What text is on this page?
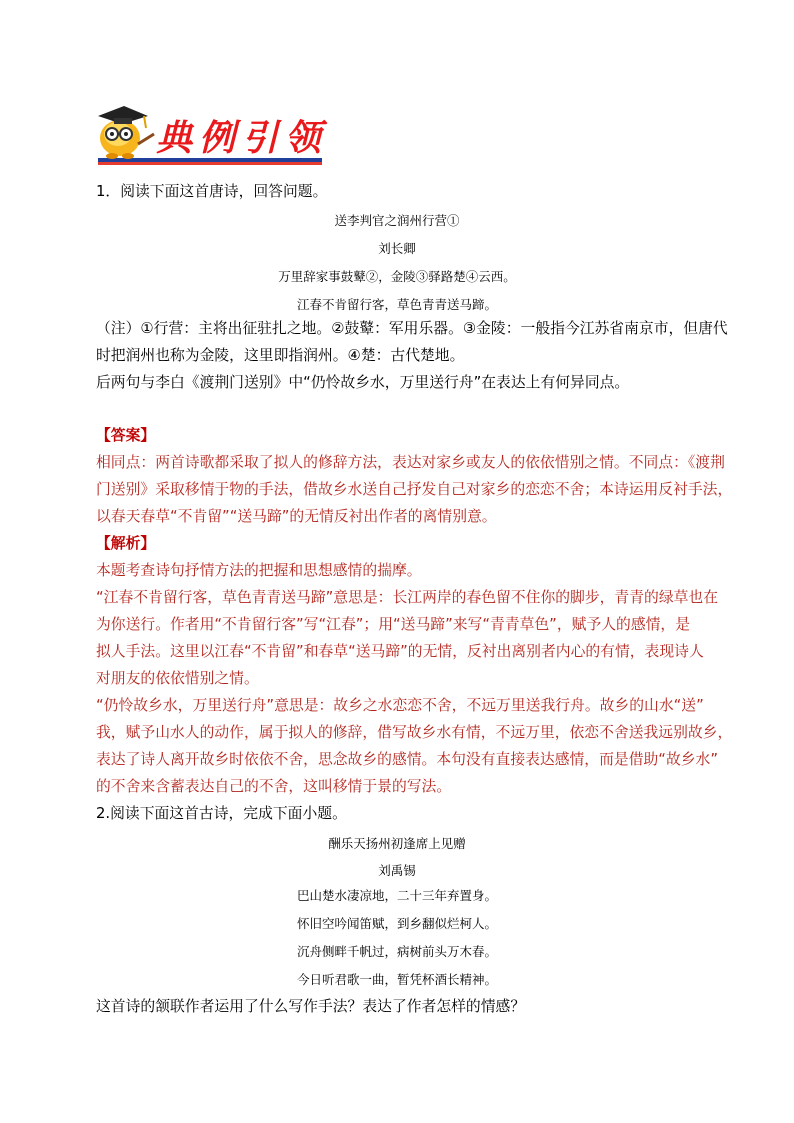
典例引领
1．阅读下面这首唐诗，回答问题。
送李判官之润州行营①
刘长卿
万里辞家事鼓鼙②，金陵③驿路楚④云西。
江春不肯留行客，草色青青送马蹄。
（注）①行营：主将出征驻扎之地。②鼓鼙：军用乐器。③金陵：一般指今江苏省南京市，但唐代
时把润州也称为金陵，这里即指润州。④楚：古代楚地。
后两句与李白《渡荆门送别》中“仍怜故乡水，万里送行舟”在表达上有何异同点。
【答案】
相同点：两首诗歌都采取了拟人的修辞方法，表达对家乡或友人的依依惜别之情。不同点：《渡荆
门送别》采取移情于物的手法，借故乡水送自己抒发自己对家乡的恋恋不舍；本诗运用反衬手法，
以春天春草“不肯留”“送马蹄”的无情反衬出作者的离情别意。
【解析】
本题考查诗句抒情方法的把握和思想感情的揣摩。
“江春不肯留行客，草色青青送马蹄”意思是：长江两岸的春色留不住你的脚步，青青的绿草也在
为你送行。作者用“不肯留行客”写“江春”；用“送马蹄”来写“青青草色”，赋予人的感情，是
拟人手法。这里以江春“不肯留”和春草“送马蹄”的无情，反衬出离别者内心的有情，表现诗人
对朋友的依依惜别之情。
“仍怜故乡水，万里送行舟”意思是：故乡之水恋恋不舍，不远万里送我行舟。故乡的山水“送”
我，赋予山水人的动作，属于拟人的修辞，借写故乡水有情，不远万里，依恋不舍送我远别故乡，
表达了诗人离开故乡时依依不舍，思念故乡的感情。本句没有直接表达感情，而是借助“故乡水”
的不舍来含蓄表达自己的不舍，这叫移情于景的写法。
2.阅读下面这首古诗，完成下面小题。
酬乐天扬州初逢席上见赠
刘禹锡
巴山楚水凄凉地，二十三年弃置身。
怀旧空吟闻笛赋，到乡翻似烂柯人。
沉舟侧畔千帆过，病树前头万木春。
今日听君歌一曲，暂凭杯酒长精神。
这首诗的颔联作者运用了什么写作手法？表达了作者怎样的情感？
